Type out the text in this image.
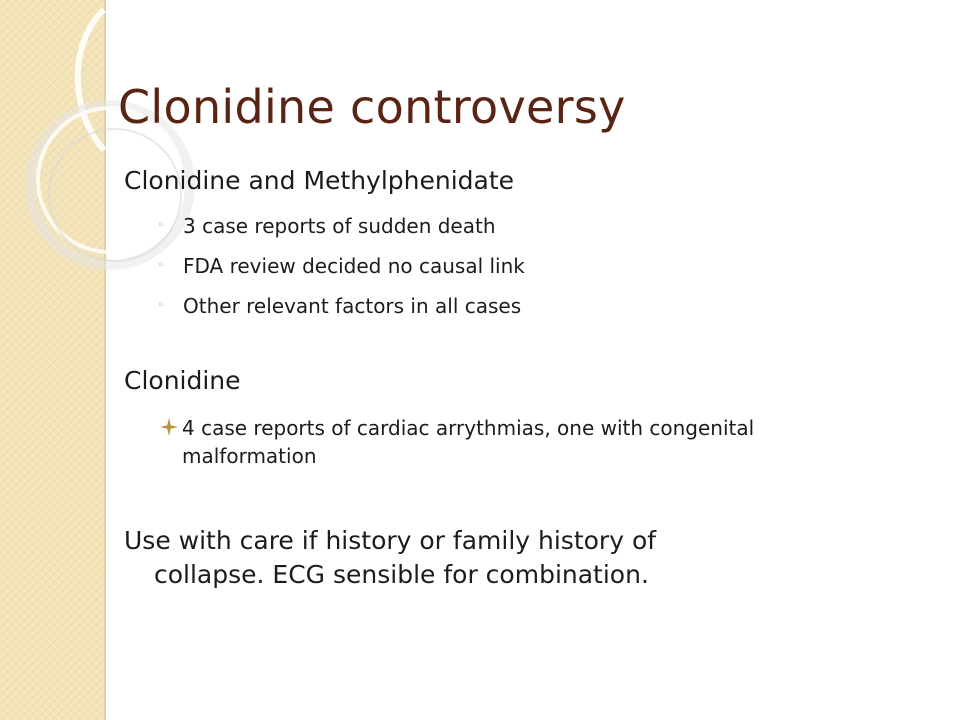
Clonidine controversy

Clonidine and Methylphenidate

◦ 3 case reports of sudden death
◦ FDA review decided no causal link
◦ Other relevant factors in all cases

Clonidine

4 case reports of cardiac arrythmias, one with congenital malformation

Use with care if history or family history of
collapse. ECG sensible for combination.
